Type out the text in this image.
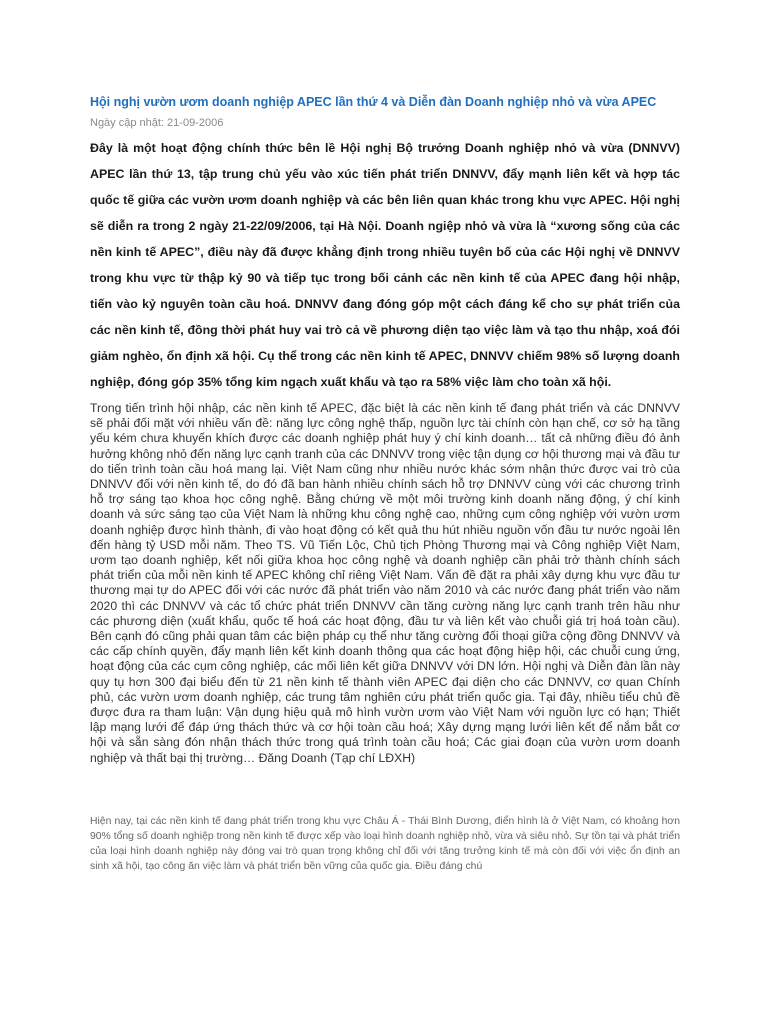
Hội nghị vườn ươm doanh nghiệp APEC lần thứ 4 và Diễn đàn Doanh nghiệp nhỏ và vừa APEC
Ngày cập nhật: 21-09-2006

Đây là một hoạt động chính thức bên lề Hội nghị Bộ trưởng Doanh nghiệp nhỏ và vừa (DNNVV) APEC lần thứ 13, tập trung chủ yếu vào xúc tiến phát triển DNNVV, đẩy mạnh liên kết và hợp tác quốc tế giữa các vườn ươm doanh nghiệp và các bên liên quan khác trong khu vực APEC. Hội nghị sẽ diễn ra trong 2 ngày 21-22/09/2006, tại Hà Nội. Doanh ngiệp nhỏ và vừa là “xương sống của các nền kinh tế APEC”, điều này đã được khẳng định trong nhiều tuyên bố của các Hội nghị về DNNVV trong khu vực từ thập kỷ 90 và tiếp tục trong bối cảnh các nền kinh tế của APEC đang hội nhập, tiến vào kỷ nguyên toàn cầu hoá. DNNVV đang đóng góp một cách đáng kể cho sự phát triển của các nền kinh tế, đồng thời phát huy vai trò cả về phương diện tạo việc làm và tạo thu nhập, xoá đói giảm nghèo, ổn định xã hội. Cụ thể trong các nền kinh tế APEC, DNNVV chiếm 98% số lượng doanh nghiệp, đóng góp 35% tổng kim ngạch xuất khẩu và tạo ra 58% việc làm cho toàn xã hội.

Trong tiến trình hội nhập, các nền kinh tế APEC, đặc biệt là các nền kinh tế đang phát triển và các DNNVV sẽ phải đối mặt với nhiều vấn đề: năng lực công nghệ thấp, nguồn lực tài chính còn hạn chế, cơ sở hạ tầng yếu kém chưa khuyến khích được các doanh nghiệp phát huy ý chí kinh doanh… tất cả những điều đó ảnh hưởng không nhỏ đến năng lực cạnh tranh của các DNNVV trong việc tận dụng cơ hội thương mại và đầu tư do tiến trình toàn cầu hoá mang lại. Việt Nam cũng như nhiều nước khác sớm nhận thức được vai trò của DNNVV đối với nền kinh tế, do đó đã ban hành nhiều chính sách hỗ trợ DNNVV cùng với các chương trình hỗ trợ sáng tạo khoa học công nghệ. Bằng chứng về một môi trường kinh doanh năng động, ý chí kinh doanh và sức sáng tạo của Việt Nam là những khu công nghệ cao, những cụm công nghiệp với vườn ươm doanh nghiệp được hình thành, đi vào hoạt động có kết quả thu hút nhiều nguồn vốn đầu tư nước ngoài lên đến hàng tỷ USD mỗi năm. Theo TS. Vũ Tiến Lộc, Chủ tịch Phòng Thương mại và Công nghiệp Việt Nam, ươm tạo doanh nghiệp, kết nối giữa khoa học công nghệ và doanh nghiệp cần phải trở thành chính sách phát triển của mỗi nền kinh tế APEC không chỉ riêng Việt Nam. Vấn đề đặt ra phải xây dựng khu vực đầu tư thương mại tự do APEC đối với các nước đã phát triển vào năm 2010 và các nước đang phát triển vào năm 2020 thì các DNNVV và các tổ chức phát triển DNNVV cần tăng cường năng lực cạnh tranh trên hầu như các phương diện (xuất khẩu, quốc tế hoá các hoạt động, đầu tư và liên kết vào chuỗi giá trị hoá toàn cầu). Bên cạnh đó cũng phải quan tâm các biện pháp cụ thể như tăng cường đối thoại giữa cộng đồng DNNVV và các cấp chính quyền, đẩy mạnh liên kết kinh doanh thông qua các hoạt động hiệp hội, các chuỗi cung ứng, hoạt động của các cụm công nghiệp, các mối liên kết giữa DNNVV với DN lớn. Hội nghị và Diễn đàn lần này quy tụ hơn 300 đại biểu đến từ 21 nền kinh tế thành viên APEC đại diện cho các DNNVV, cơ quan Chính phủ, các vườn ươm doanh nghiệp, các trung tâm nghiên cứu phát triển quốc gia. Tại đây, nhiều tiểu chủ đề được đưa ra tham luận: Vận dụng hiệu quả mô hình vườn ươm vào Việt Nam với nguồn lực có hạn; Thiết lập mạng lưới để đáp ứng thách thức và cơ hội toàn cầu hoá; Xây dựng mạng lưới liên kết để nắm bắt cơ hội và sẵn sàng đón nhận thách thức trong quá trình toàn cầu hoá; Các giai đoạn của vườn ươm doanh nghiệp và thất bại thị trường… Đăng Doanh (Tạp chí LĐXH)

Hiện nay, tại các nền kinh tế đang phát triển trong khu vực Châu Á - Thái Bình Dương, điển hình là ở Việt Nam, có khoảng hơn 90% tổng số doanh nghiệp trong nền kinh tế được xếp vào loại hình doanh nghiệp nhỏ, vừa và siêu nhỏ. Sự tồn tại và phát triển của loại hình doanh nghiệp này đóng vai trò quan trọng không chỉ đối với tăng trưởng kinh tế mà còn đối với việc ổn định an sinh xã hội, tạo công ăn việc làm và phát triển bền vững của quốc gia. Điều đáng chú
